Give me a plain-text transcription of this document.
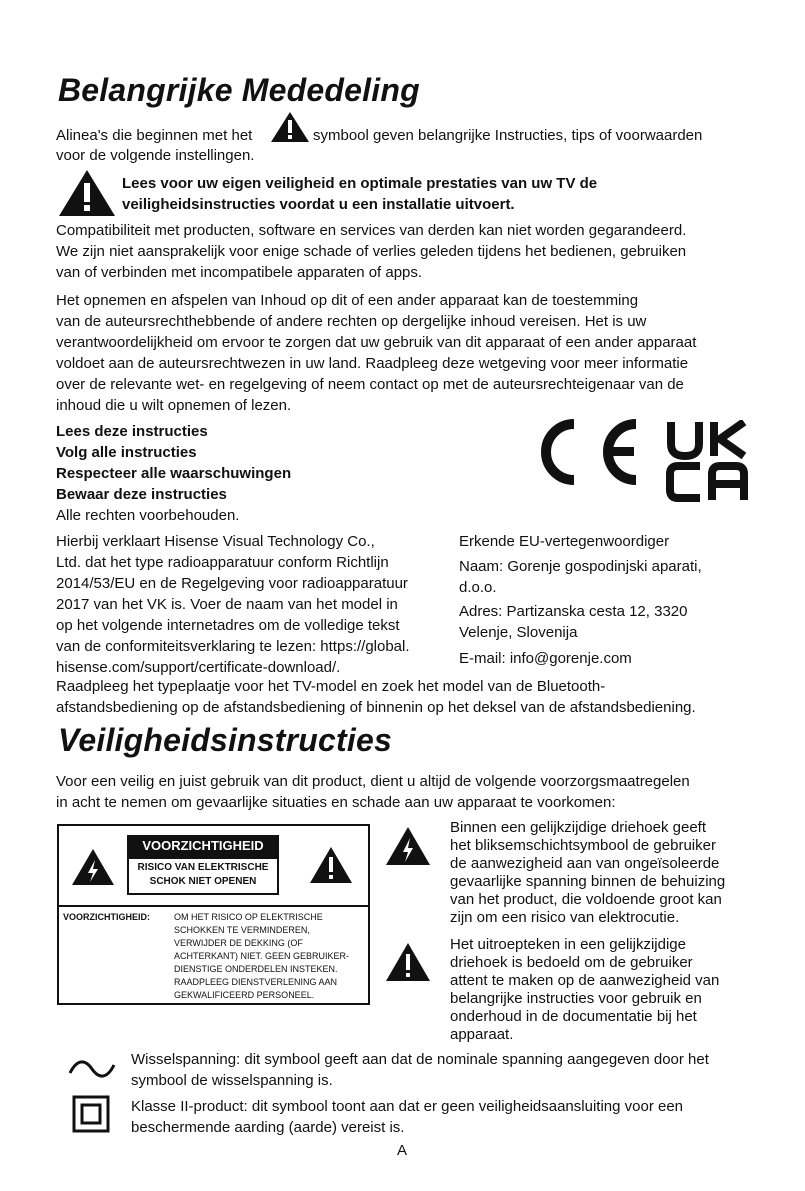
Belangrijke Mededeling
Alinea's die beginnen met het	symbool geven belangrijke Instructies, tips of voorwaarden
voor de volgende instellingen.
Lees voor uw eigen veiligheid en optimale prestaties van uw TV de
veiligheidsinstructies voordat u een installatie uitvoert.
Compatibiliteit met producten, software en services van derden kan niet worden gegarandeerd.
We zijn niet aansprakelijk voor enige schade of verlies geleden tijdens het bedienen, gebruiken
van of verbinden met incompatibele apparaten of apps.
Het opnemen en afspelen van Inhoud op dit of een ander apparaat kan de toestemming
van de auteursrechthebbende of andere rechten op dergelijke inhoud vereisen. Het is uw
verantwoordelijkheid om ervoor te zorgen dat uw gebruik van dit apparaat of een ander apparaat
voldoet aan de auteursrechtwezen in uw land. Raadpleeg deze wetgeving voor meer informatie
over de relevante wet- en regelgeving of neem contact op met de auteursrechteigenaar van de
inhoud die u wilt opnemen of lezen.
Lees deze instructies
Volg alle instructies
Respecteer alle waarschuwingen
Bewaar deze instructies
Alle rechten voorbehouden.
Hierbij verklaart Hisense Visual Technology Co.,
Ltd. dat het type radioapparatuur conform Richtlijn
2014/53/EU en de Regelgeving voor radioapparatuur
2017 van het VK is. Voer de naam van het model in
op het volgende internetadres om de volledige tekst
van de conformiteitsverklaring te lezen: https://global.
hisense.com/support/certificate-download/.
Erkende EU-vertegenwoordiger
Naam: Gorenje gospodinjski aparati,
d.o.o.
Adres: Partizanska cesta 12, 3320
Velenje, Slovenija
E-mail: info@gorenje.com
Raadpleeg het typeplaatje voor het TV-model en zoek het model van de Bluetooth-
afstandsbediening op de afstandsbediening of binnenin op het deksel van de afstandsbediening.
Veiligheidsinstructies
Voor een veilig en juist gebruik van dit product, dient u altijd de volgende voorzorgsmaatregelen
in acht te nemen om gevaarlijke situaties en schade aan uw apparaat te voorkomen:
VOORZICHTIGHEID
RISICO VAN ELEKTRISCHE
SCHOK NIET OPENEN
VOORZICHTIGHEID:	OM HET RISICO OP ELEKTRISCHE
SCHOKKEN TE VERMINDEREN,
VERWIJDER DE DEKKING (OF
ACHTERKANT) NIET. GEEN GEBRUIKER-
DIENSTIGE ONDERDELEN INSTEKEN.
RAADPLEEG DIENSTVERLENING AAN
GEKWALIFICEERD PERSONEEL.
Binnen een gelijkzijdige driehoek geeft
het bliksemschichtsymbool de gebruiker
de aanwezigheid aan van ongeïsoleerde
gevaarlijke spanning binnen de behuizing
van het product, die voldoende groot kan
zijn om een risico van elektrocutie.
Het uitroepteken in een gelijkzijdige
driehoek is bedoeld om de gebruiker
attent te maken op de aanwezigheid van
belangrijke instructies voor gebruik en
onderhoud in de documentatie bij het
apparaat.
Wisselspanning: dit symbool geeft aan dat de nominale spanning aangegeven door het
symbool de wisselspanning is.
Klasse II-product: dit symbool toont aan dat er geen veiligheidsaansluiting voor een
beschermende aarding (aarde) vereist is.
A
